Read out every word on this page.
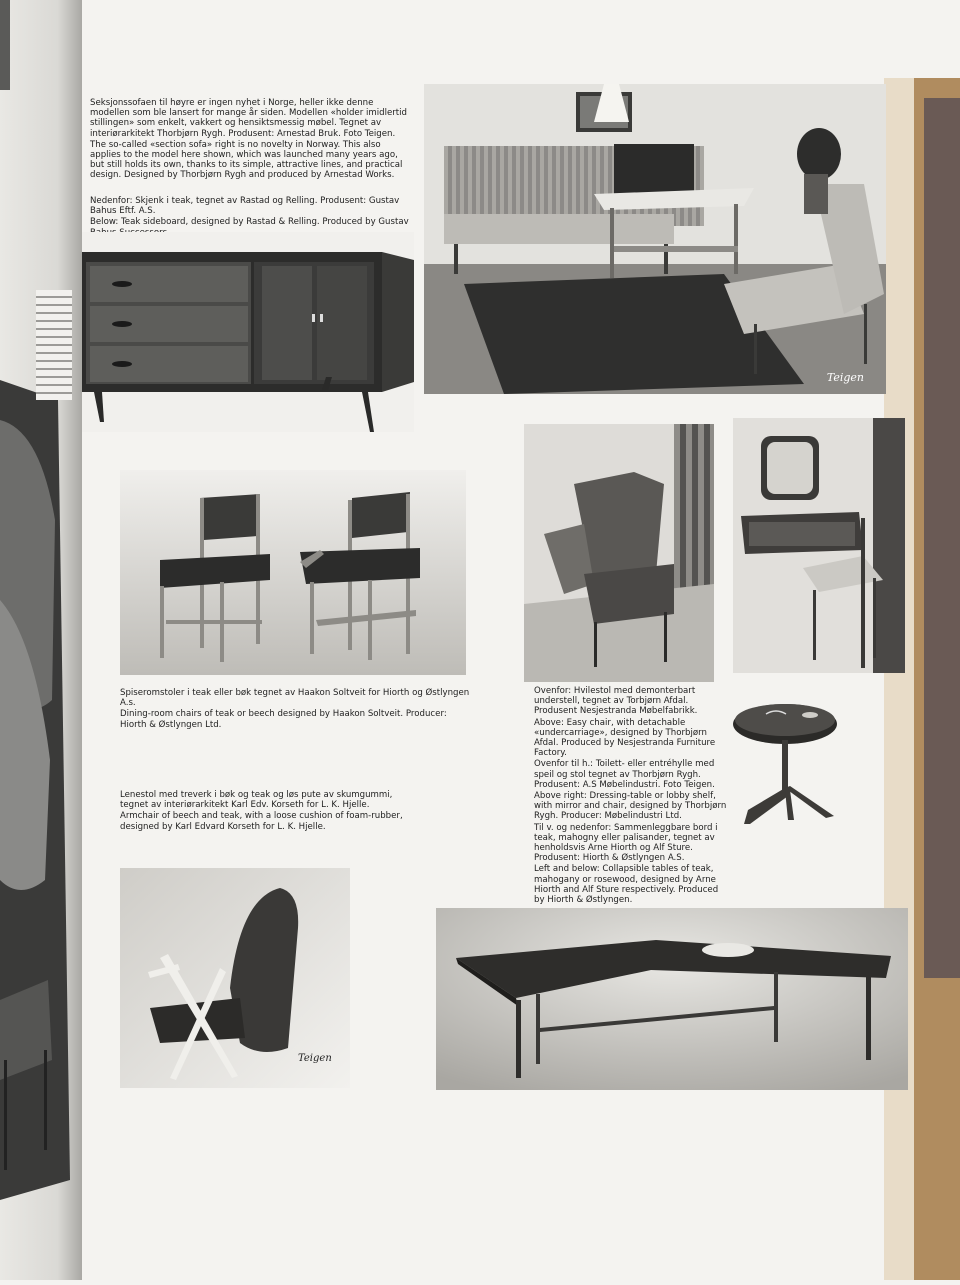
Seksjonssofaen til høyre er ingen nyhet i Norge, heller ikke denne modellen som ble lansert for mange år siden. Modellen «holder imidlertid stillingen» som enkelt, vakkert og hensiktsmessig møbel. Tegnet av interiørarkitekt Thorbjørn Rygh. Produsent: Arnestad Bruk. Foto Teigen.

The so-called «section sofa» right is no novelty in Norway. This also applies to the model here shown, which was launched many years ago, but still holds its own, thanks to its simple, attractive lines, and practical design. Designed by Thorbjørn Rygh and produced by Arnestad Works.

Nedenfor: Skjenk i teak, tegnet av Rastad og Relling. Produsent: Gustav Bahus Eftf. A.S.

Below: Teak sideboard, designed by Rastad & Relling. Produced by Gustav

Teigen

Spiseromstoler i teak eller bøk tegnet av Haakon Soltveit for Hiorth og Østlyngen A.s.

Dining-room chairs of teak or beech designed by Haakon Soltveit. Producer: Hiorth & Østlyngen Ltd.

Ovenfor: Hvilestol med demonterbart understell, tegnet av Torbjørn Afdal. Produsent Nesjestranda Møbelfabrikk.

Above: Easy chair, with detachable «undercarriage», designed by Thorbjørn Afdal. Produced by Nesjestranda Furniture Factory.

Ovenfor til h.: Toilett- eller entréhylle med speil og stol tegnet av Thorbjørn Rygh. Produsent: A.S Møbelindustri. Foto Teigen.

Above right: Dressing-table or lobby shelf, with mirror and chair, designed by Thorbjørn Rygh. Producer: Møbelindustri Ltd.

Til v. og nedenfor: Sammenleggbare bord i teak, mahogny eller palisander, tegnet av henholdsvis Arne Hiorth og Alf Sture. Produsent: Hiorth & Østlyngen A.S.

Left and below: Collapsible tables of teak, mahogany or rosewood, designed by Arne Hiorth and Alf Sture respectively. Produced by Hiorth & Østlyngen.

Lenestol med treverk i bøk og teak og løs pute av skumgummi, tegnet av interiørarkitekt Karl Edv. Korseth for L. K. Hjelle.

Armchair of beech and teak, with a loose cushion of foam-rubber, designed by Karl Edvard Korseth for L. K. Hjelle.

Teigen
